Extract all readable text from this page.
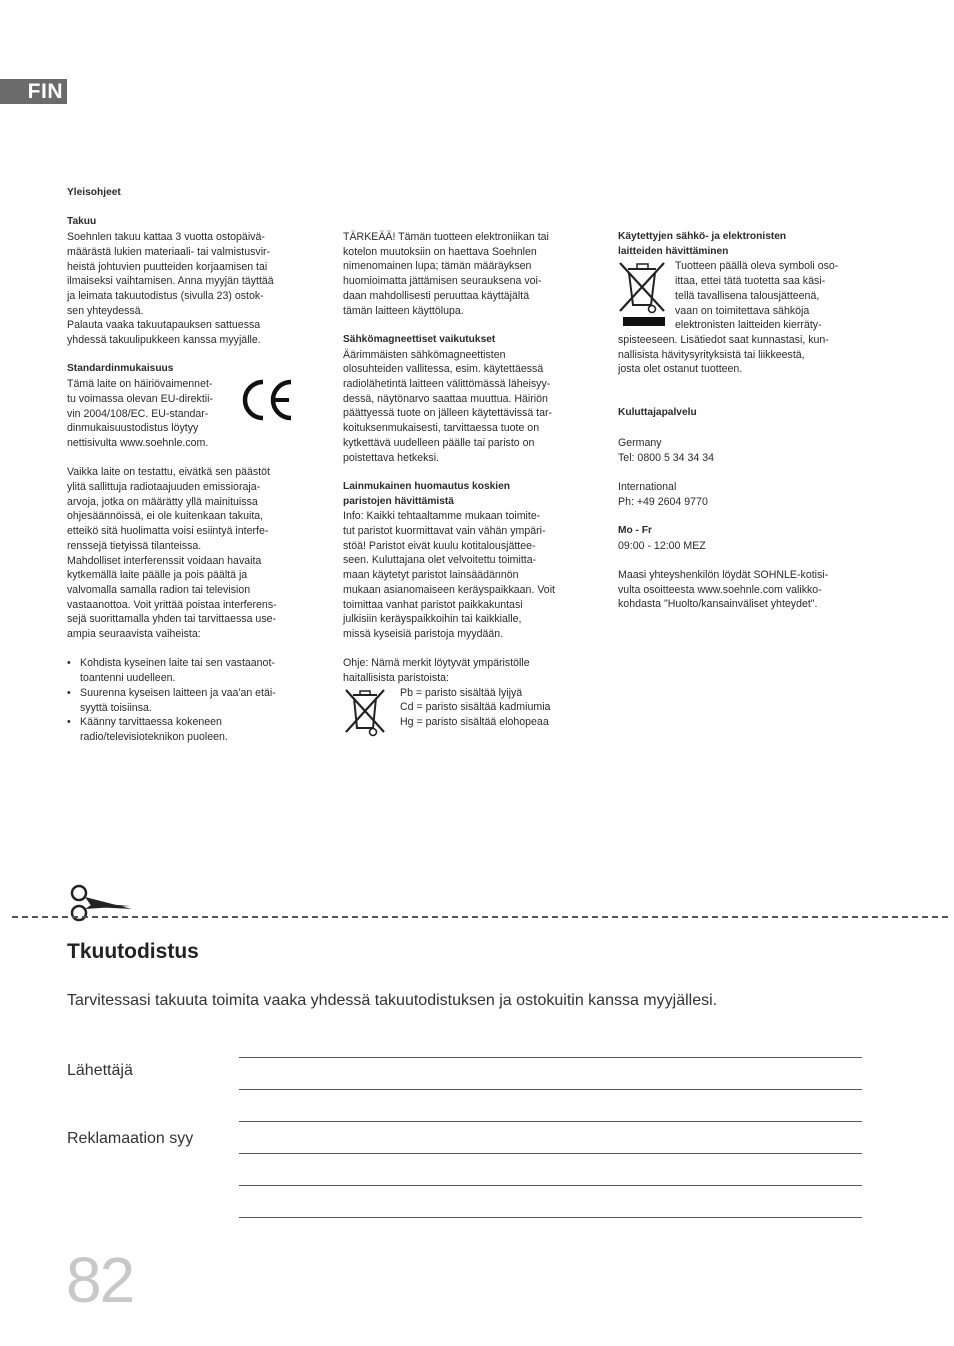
FIN

Yleisohjeet

Takuu

Soehnlen takuu kattaa 3 vuotta ostopäivä-

määrästä lukien materiaali- tai valmistusvir-

heistä johtuvien puutteiden korjaamisen tai

ilmaiseksi vaihtamisen. Anna myyjän täyttää

ja leimata takuutodistus (sivulla 23) ostok-

sen yhteydessä.

Palauta vaaka takuutapauksen sattuessa

yhdessä takuulipukkeen kanssa myyjälle.

Standardinmukaisuus

Tämä laite on häiriövaimennet-

tu voimassa olevan EU-direktii-

vin 2004/108/EC. EU-standar-

dinmukaisuustodistus löytyy

nettisivulta www.soehnle.com.

Vaikka laite on testattu, eivätkä sen päästöt

ylitä sallittuja radiotaajuuden emissioraja-

arvoja, jotka on määrätty yllä mainituissa

ohjesäännöissä, ei ole kuitenkaan takuita,

etteikö sitä huolimatta voisi esiintyä interfe-

renssejä tietyissä tilanteissa.

Mahdolliset interferenssit voidaan havaita

kytkemällä laite päälle ja pois päältä ja

valvomalla samalla radion tai television

vastaanottoa. Voit yrittää poistaa interferens-

sejä suorittamalla yhden tai tarvittaessa use-

ampia seuraavista vaiheista:

• Kohdista kyseinen laite tai sen vastaanot-
toantenni uudelleen.
• Suurenna kyseisen laitteen ja vaa'an etäi-
syyttä toisiinsa.
• Käänny tarvittaessa kokeneen
radio/televisioteknikon puoleen.

TÄRKEÄÄ! Tämän tuotteen elektroniikan tai

kotelon muutoksiin on haettava Soehnlen

nimenomainen lupa; tämän määräyksen

huomioimatta jättämisen seurauksena voi-

daan mahdollisesti peruuttaa käyttäjältä

tämän laitteen käyttölupa.

Sähkömagneettiset vaikutukset

Äärimmäisten sähkömagneettisten

olosuhteiden vallitessa, esim. käytettäessä

radiolähetintä laitteen välittömässä läheisyy-

dessä, näytönarvo saattaa muuttua. Häiriön

päättyessä tuote on jälleen käytettävissä tar-

koituksenmukaisesti, tarvittaessa tuote on

kytkettävä uudelleen päälle tai paristo on

poistettava hetkeksi.

Lainmukainen huomautus koskien

paristojen hävittämistä

Info: Kaikki tehtaaltamme mukaan toimite-

tut paristot kuormittavat vain vähän ympäri-

stöä! Paristot eivät kuulu kotitalousjättee-

seen. Kuluttajana olet velvoitettu toimitta-

maan käytetyt paristot lainsäädännön

mukaan asianomaiseen keräyspaikkaan. Voit

toimittaa vanhat paristot paikkakuntasi

julkisiin keräyspaikkoihin tai kaikkialle,

missä kyseisiä paristoja myydään.

Ohje: Nämä merkit löytyvät ympäristölle

haitallisista paristoista:

Pb = paristo sisältää lyijyä

Cd = paristo sisältää kadmiumia

Hg = paristo sisältää elohopeaa

Käytettyjen sähkö- ja elektronisten

laitteiden hävittäminen

Tuotteen päällä oleva symboli oso-

ittaa, ettei tätä tuotetta saa käsi-

tellä tavallisena talousjätteenä,

vaan on toimitettava sähköja

elektronisten laitteiden kierräty-

spisteeseen. Lisätiedot saat kunnastasi, kun-

nallisista hävitysyrityksistä tai liikkeestä,

josta olet ostanut tuotteen.

Kuluttajapalvelu

Germany

Tel: 0800 5 34 34 34

International

Ph: +49 2604 9770

Mo - Fr

09:00 - 12:00 MEZ

Maasi yhteyshenkilön löydät SOHNLE-kotisi-

vulta osoitteesta www.soehnle.com valikko-

kohdasta "Huolto/kansainväliset yhteydet".

Tkuutodistus
Tarvitessasi takuuta toimita vaaka yhdessä takuutodistuksen ja ostokuitin kanssa myyjällesi.
Lähettäjä
Reklamaation syy
82
